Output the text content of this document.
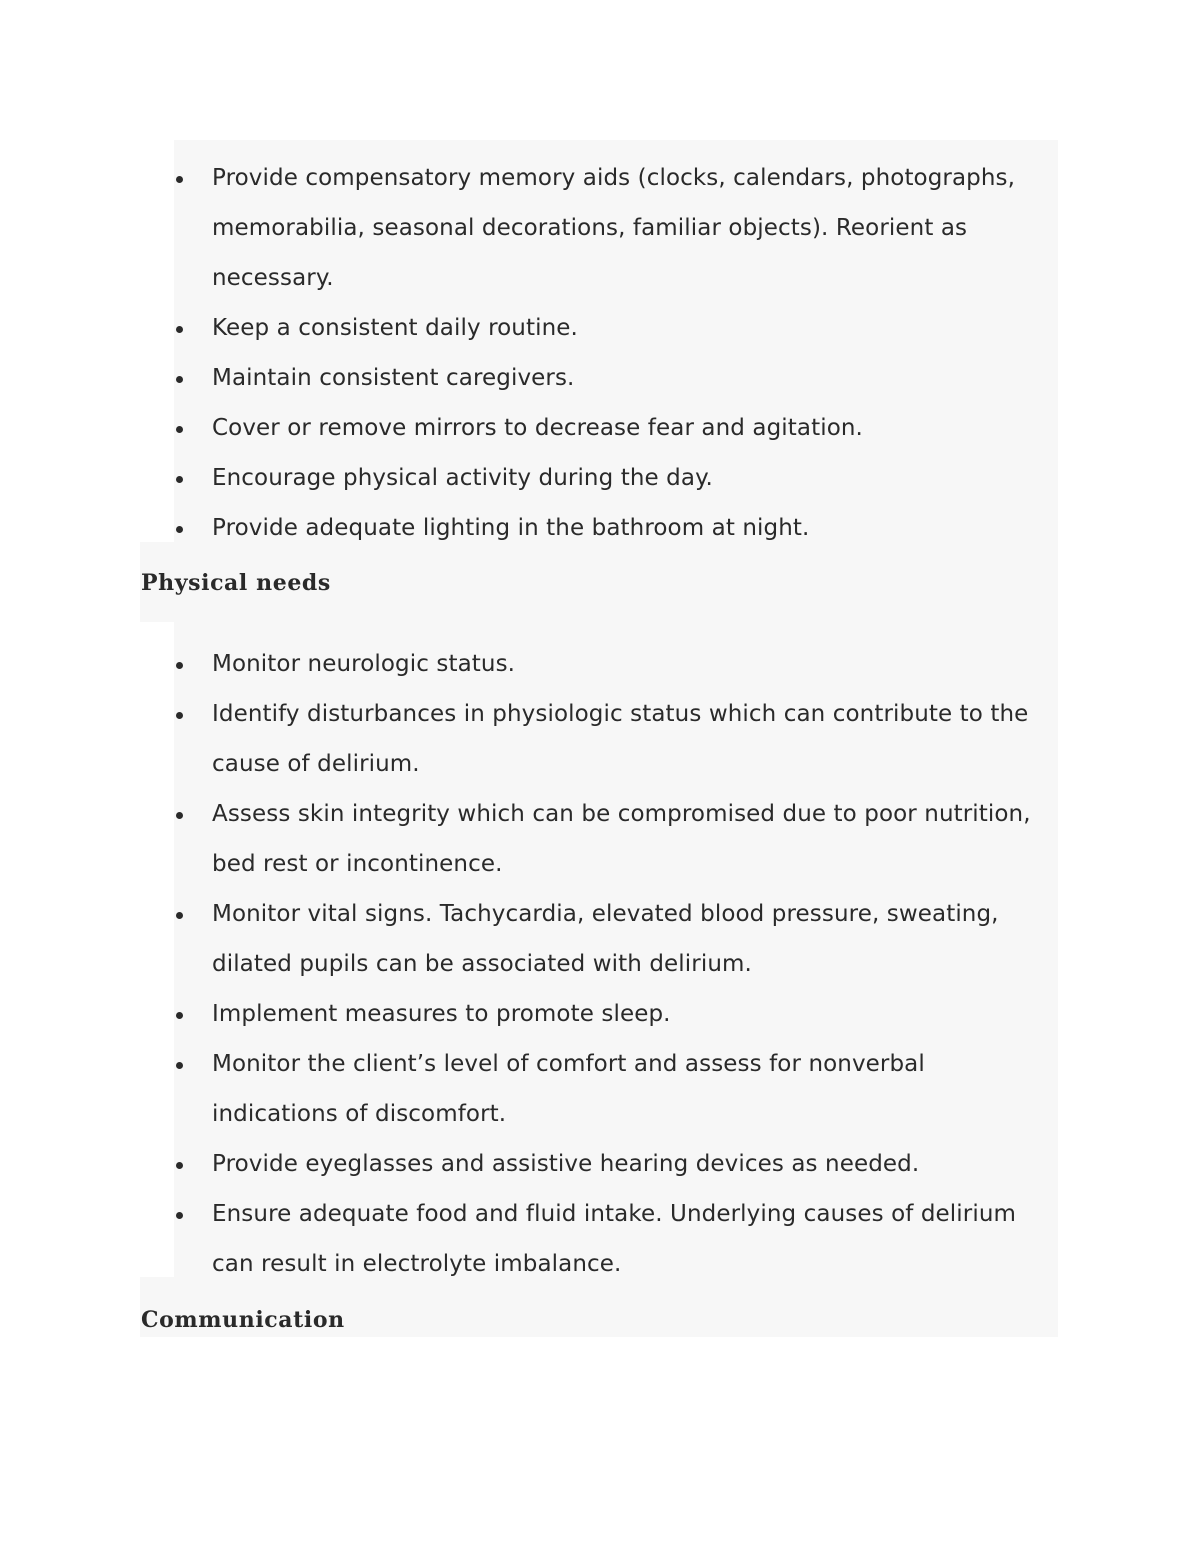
Provide compensatory memory aids (clocks, calendars, photographs, memorabilia, seasonal decorations, familiar objects). Reorient as necessary.
Keep a consistent daily routine.
Maintain consistent caregivers.
Cover or remove mirrors to decrease fear and agitation.
Encourage physical activity during the day.
Provide adequate lighting in the bathroom at night.
Physical needs
Monitor neurologic status.
Identify disturbances in physiologic status which can contribute to the cause of delirium.
Assess skin integrity which can be compromised due to poor nutrition, bed rest or incontinence.
Monitor vital signs. Tachycardia, elevated blood pressure, sweating, dilated pupils can be associated with delirium.
Implement measures to promote sleep.
Monitor the client’s level of comfort and assess for nonverbal indications of discomfort.
Provide eyeglasses and assistive hearing devices as needed.
Ensure adequate food and fluid intake. Underlying causes of delirium can result in electrolyte imbalance.
Communication
